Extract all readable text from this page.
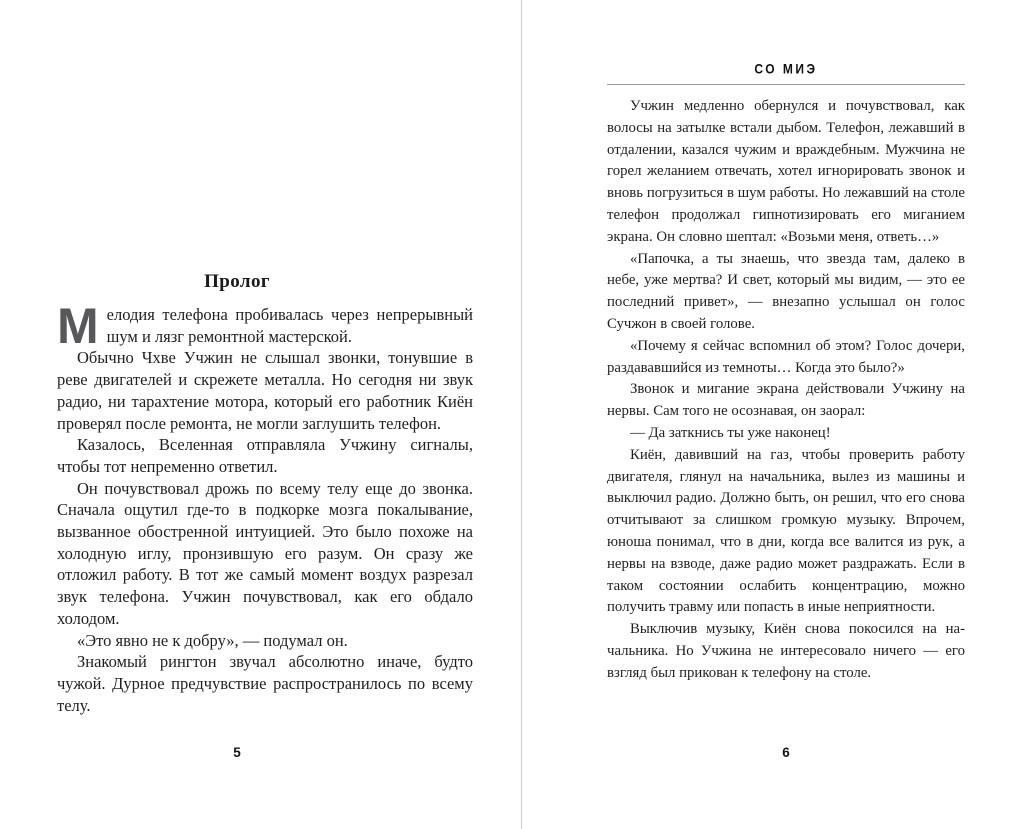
Пролог

Мелодия телефона пробивалась через непрерывный шум и лязг ремонтной мастерской.

Обычно Чхве Учжин не слышал звонки, тонувшие в реве двигателей и скрежете металла. Но сегодня ни звук радио, ни тарахтение мотора, который его работник Киён проверял после ремонта, не могли заглушить телефон.

Казалось, Вселенная отправляла Учжину сигналы, чтобы тот непременно ответил.

Он почувствовал дрожь по всему телу еще до звонка. Сначала ощутил где-то в подкорке мозга покалывание, вызванное обостренной интуицией. Это было похоже на холодную иглу, пронзившую его разум. Он сразу же отложил работу. В тот же самый момент воздух разрезал звук телефона. Учжин почувствовал, как его обдало холодом.

«Это явно не к добру», — подумал он.

Знакомый рингтон звучал абсолютно иначе, будто чужой. Дурное предчувствие распространилось по всему телу.

5
СО МИЭ

Учжин медленно обернулся и почувствовал, как волосы на затылке встали дыбом. Телефон, лежавший в отдалении, казался чужим и враждебным. Мужчина не горел желанием отвечать, хотел игнорировать звонок и вновь погрузиться в шум работы. Но лежавший на столе телефон продолжал гипнотизировать его миганием экрана. Он словно шептал: «Возьми меня, ответь…»

«Папочка, а ты знаешь, что звезда там, далеко в небе, уже мертва? И свет, который мы видим, — это ее последний привет», — внезапно услышал он голос Сучжон в своей голове.

«Почему я сейчас вспомнил об этом? Голос дочери, раздававшийся из темноты… Когда это было?»

Звонок и мигание экрана действовали Учжину на нервы. Сам того не осознавая, он заорал:

— Да заткнись ты уже наконец!

Киён, давивший на газ, чтобы проверить работу двигателя, глянул на начальника, вылез из машины и выключил радио. Должно быть, он решил, что его снова отчитывают за слишком громкую музыку. Впрочем, юноша понимал, что в дни, когда все валится из рук, а нервы на взводе, даже радио может раздражать. Если в таком состоянии ослабить концентрацию, можно получить травму или попасть в иные неприятности.

Выключив музыку, Киён снова покосился на начальника. Но Учжина не интересовало ничего — его взгляд был прикован к телефону на столе.

6
